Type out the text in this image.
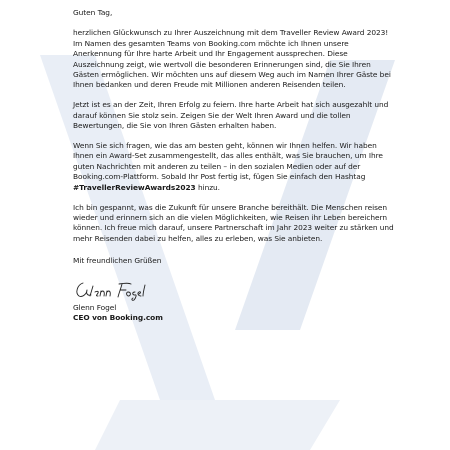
Guten Tag,

herzlichen Glückwunsch zu Ihrer Auszeichnung mit dem Traveller Review Award 2023! Im Namen des gesamten Teams von Booking.com möchte ich Ihnen unsere Anerkennung für Ihre harte Arbeit und Ihr Engagement aussprechen. Diese Auszeichnung zeigt, wie wertvoll die besonderen Erinnerungen sind, die Sie Ihren Gästen ermöglichen. Wir möchten uns auf diesem Weg auch im Namen Ihrer Gäste bei Ihnen bedanken und deren Freude mit Millionen anderen Reisenden teilen.

Jetzt ist es an der Zeit, Ihren Erfolg zu feiern. Ihre harte Arbeit hat sich ausgezahlt und darauf können Sie stolz sein. Zeigen Sie der Welt Ihren Award und die tollen Bewertungen, die Sie von Ihren Gästen erhalten haben.

Wenn Sie sich fragen, wie das am besten geht, können wir Ihnen helfen. Wir haben Ihnen ein Award-Set zusammengestellt, das alles enthält, was Sie brauchen, um Ihre guten Nachrichten mit anderen zu teilen – in den sozialen Medien oder auf der Booking.com-Plattform. Sobald Ihr Post fertig ist, fügen Sie einfach den Hashtag
#TravellerReviewAwards2023 hinzu.

Ich bin gespannt, was die Zukunft für unsere Branche bereithält. Die Menschen reisen wieder und erinnern sich an die vielen Möglichkeiten, wie Reisen ihr Leben bereichern können. Ich freue mich darauf, unsere Partnerschaft im Jahr 2023 weiter zu stärken und mehr Reisenden dabei zu helfen, alles zu erleben, was Sie anbieten.

Mit freundlichen Grüßen

Glenn Fogel
CEO von Booking.com
